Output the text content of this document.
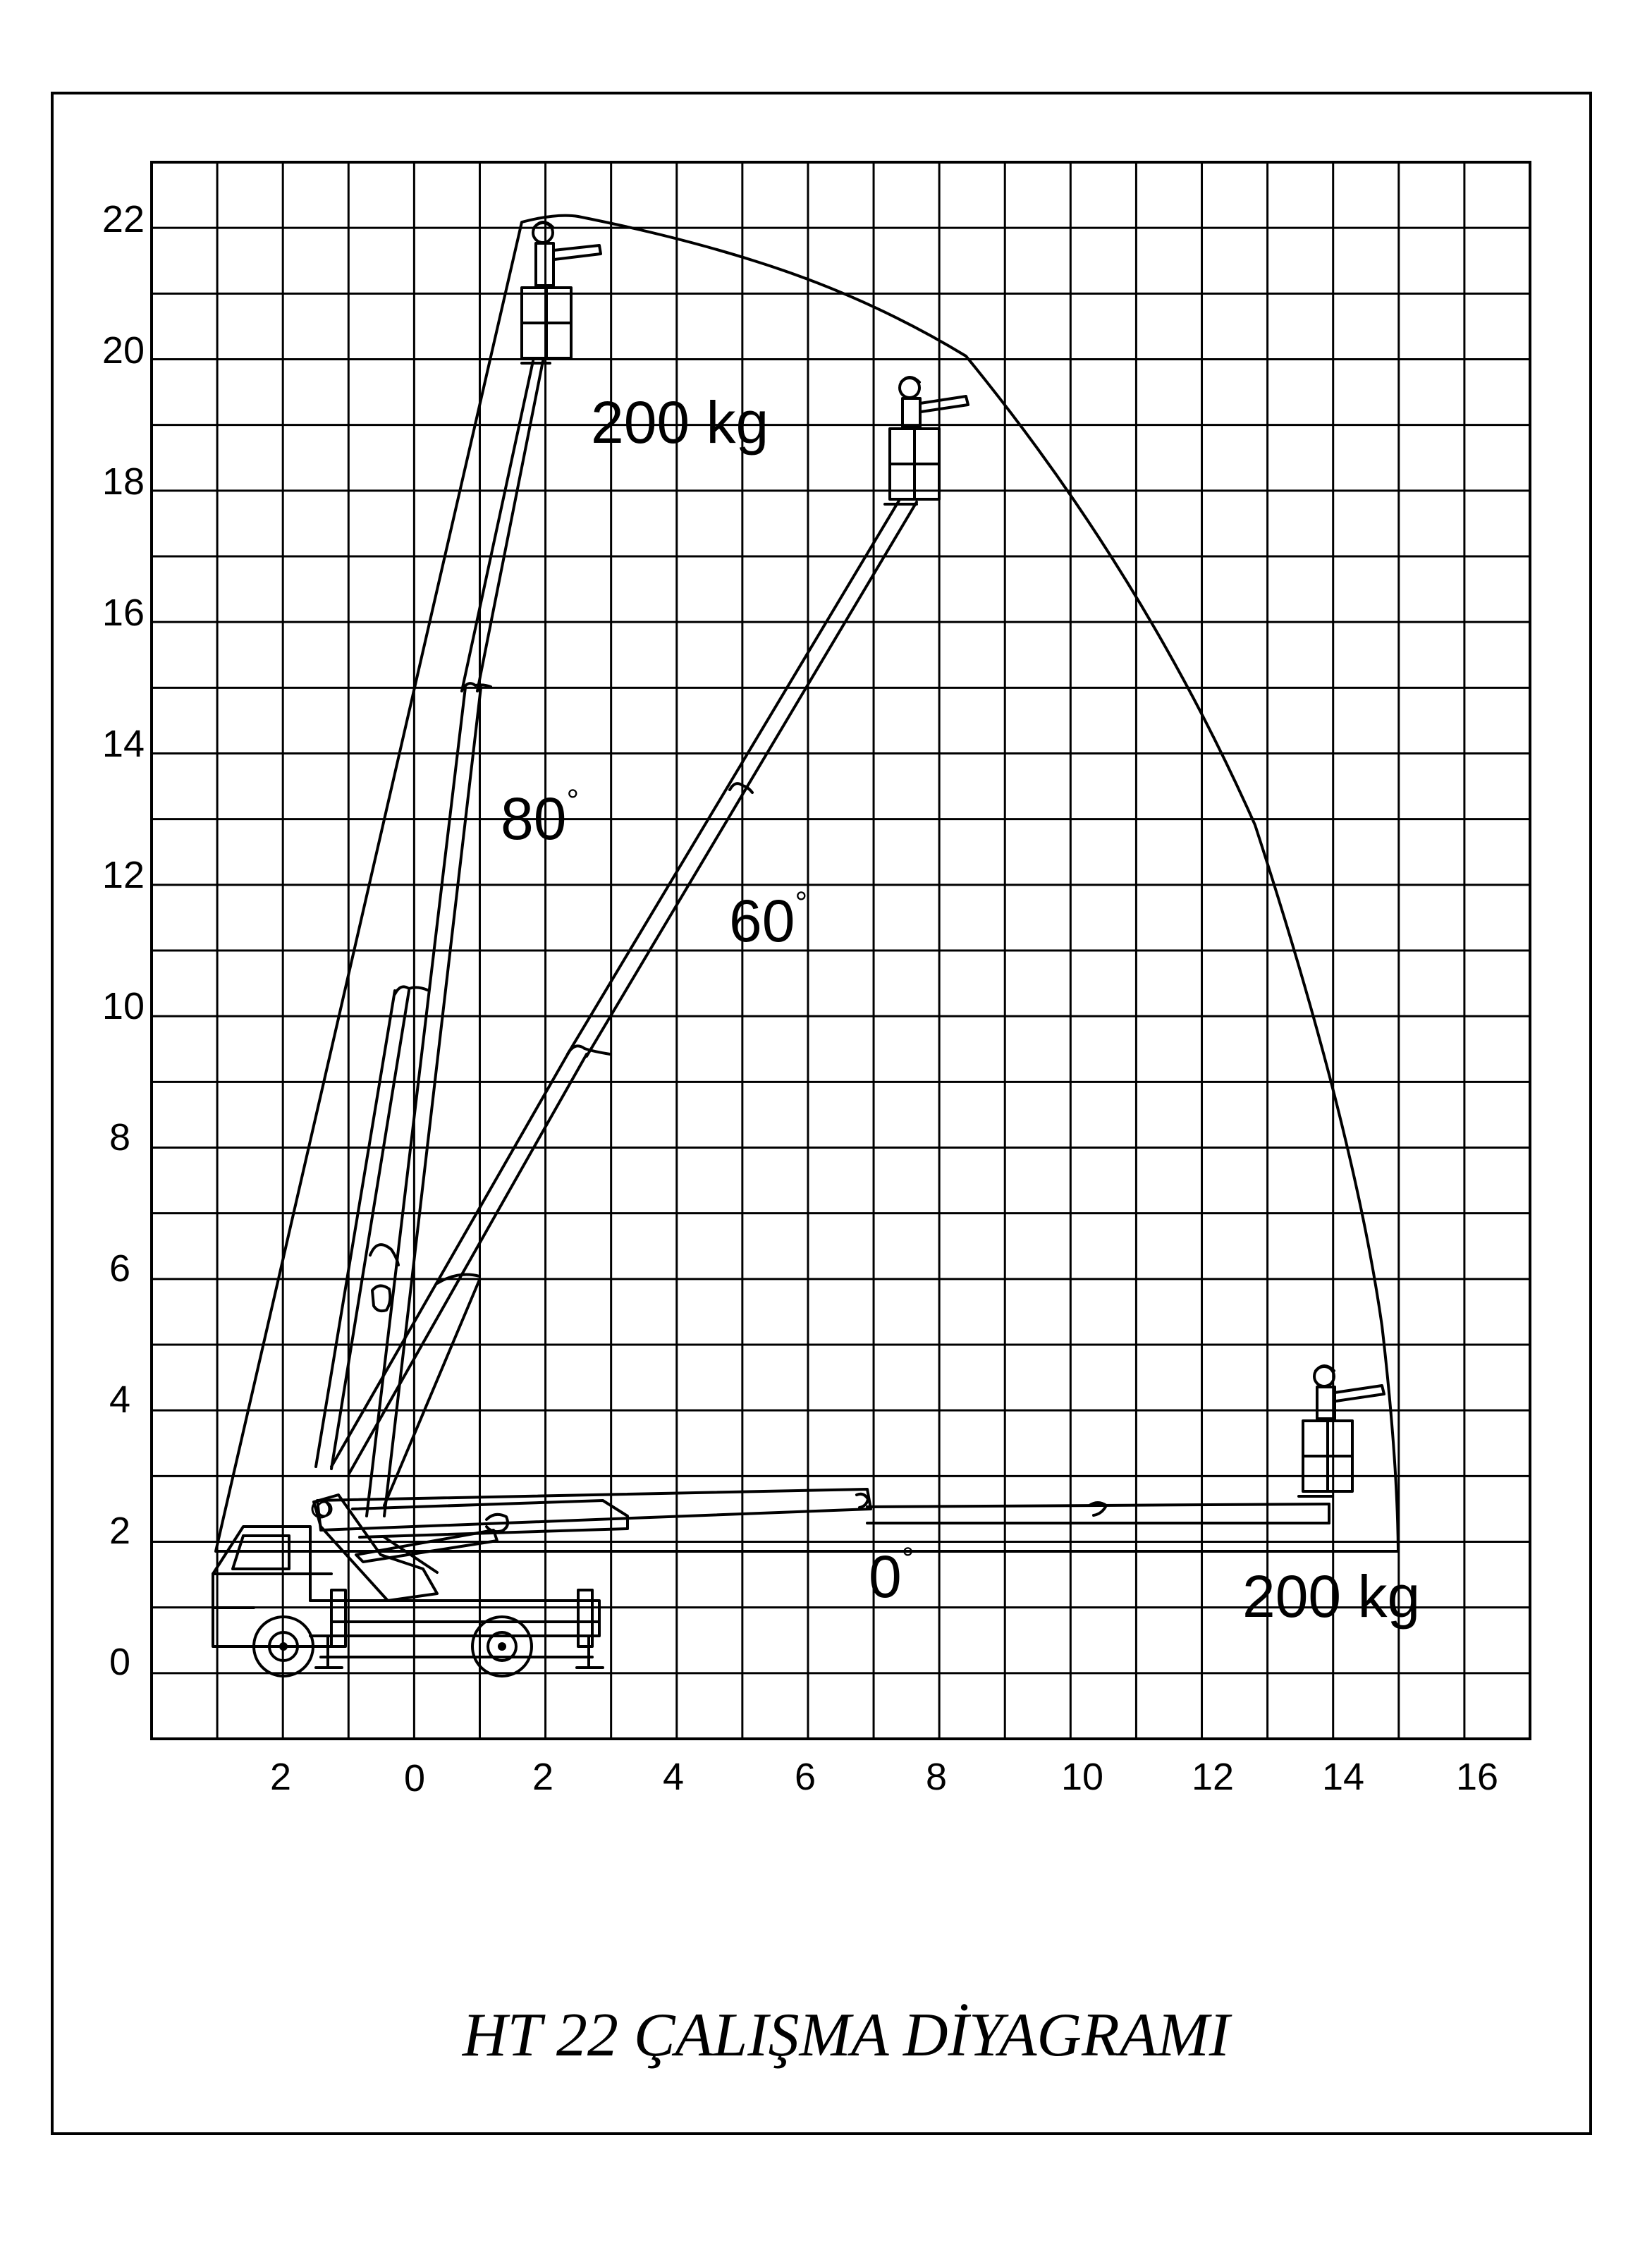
22
20
18
16
14
12
10
8
6
4
2
0
2	0	2	4	6	8	10 12 14 16
200 kg
200 kg
80°
60°
0°
HT 22 ÇALIŞMA DİYAGRAMI
